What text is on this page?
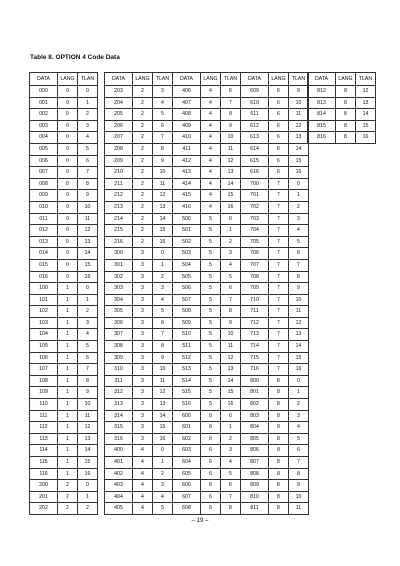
Table 8. OPTION 4 Code Data

DATA	LANG	TLAN
000	0	0
001	0	1
002	0	2
003	0	3
004	0	4
005	0	5
006	0	6
007	0	7
008	0	8
009	0	9
010	0	10
011	0	11
012	0	12
013	0	13
014	0	14
015	0	15
016	0	16
100	1	0
101	1	1
102	1	2
103	1	3
104	1	4
105	1	5
106	1	6
107	1	7
108	1	8
109	1	9
110	1	10
111	1	11
112	1	12
113	1	13
114	1	14
115	1	15
116	1	16
200	2	0
201	2	1
202	2	2
DATA	LANG	TLAN
203	2	3
204	2	4
205	2	5
206	2	6
207	2	7
208	2	8
209	2	9
210	2	10
211	2	11
212	2	12
213	2	13
214	2	14
215	2	15
216	2	16
300	3	0
301	3	1
302	3	2
303	3	3
304	3	4
305	3	5
306	3	6
307	3	7
308	3	8
309	3	9
310	3	10
311	3	11
312	3	12
313	3	13
314	3	14
315	3	15
316	3	16
400	4	0
401	4	1
402	4	2
403	4	3
404	4	4
405	4	5
DATA	LANG	TLAN
406	4	6
407	4	7
408	4	8
409	4	9
410	4	10
411	4	11
412	4	12
413	4	13
414	4	14
415	4	15
416	4	16
500	5	0
501	5	1
502	5	2
503	5	3
504	5	4
505	5	5
506	5	6
507	5	7
508	5	8
509	5	9
510	5	10
511	5	11
512	5	12
513	5	13
514	5	14
515	5	15
516	5	16
600	6	0
601	6	1
602	6	2
603	6	3
604	6	4
605	6	5
606	6	6
607	6	7
608	6	8
DATA	LANG	TLAN
609	6	9
610	6	10
611	6	11
612	6	12
613	6	13
614	6	14
615	6	15
616	6	16
700	7	0
701	7	1
702	7	2
703	7	3
704	7	4
705	7	5
706	7	6
707	7	7
708	7	8
709	7	9
710	7	10
711	7	11
712	7	12
713	7	13
714	7	14
715	7	15
716	7	16
800	8	0
801	8	1
802	8	2
803	8	3
804	8	4
805	8	5
806	8	6
807	8	7
808	8	8
809	8	9
810	8	10
811	8	11
DATA	LANG	TLAN
812	8	12
813	8	13
814	8	14
815	8	15
816	8	16
– 19 –
